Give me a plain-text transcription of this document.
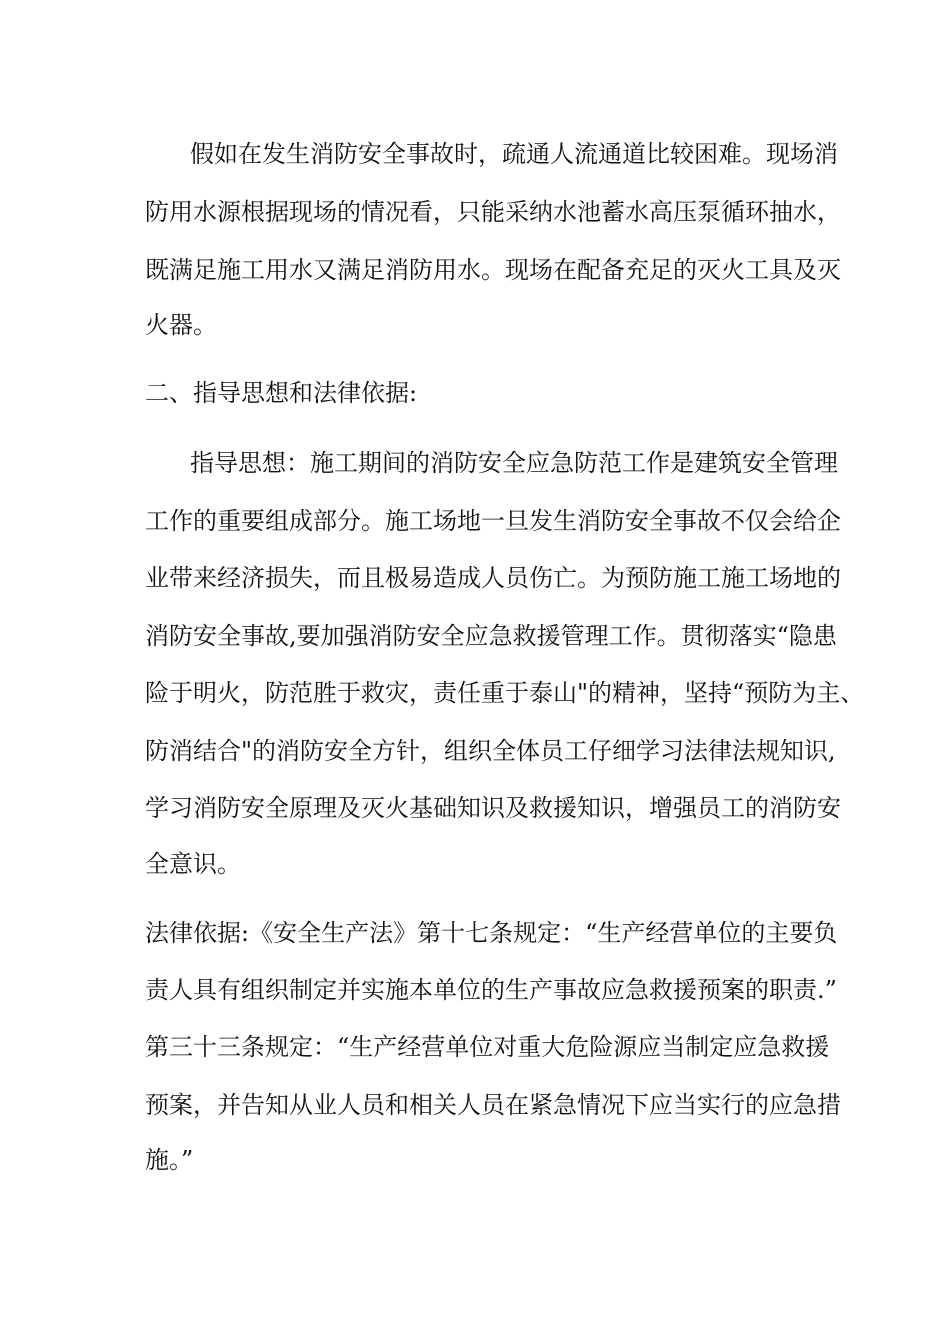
假如在发生消防安全事故时，疏通人流通道比较困难。现场消
防用水源根据现场的情况看，只能采纳水池蓄水高压泵循环抽水，
既满足施工用水又满足消防用水。现场在配备充足的灭火工具及灭
火器。
二、指导思想和法律依据:
指导思想：施工期间的消防安全应急防范工作是建筑安全管理
工作的重要组成部分。施工场地一旦发生消防安全事故不仅会给企
业带来经济损失，而且极易造成人员伤亡。为预防施工施工场地的
消防安全事故,要加强消防安全应急救援管理工作。贯彻落实“隐患
险于明火，防范胜于救灾，责任重于泰山"的精神，坚持“预防为主、
防消结合"的消防安全方针，组织全体员工仔细学习法律法规知识,
学习消防安全原理及灭火基础知识及救援知识，增强员工的消防安
全意识。
法律依据:《安全生产法》第十七条规定：“生产经营单位的主要负
责人具有组织制定并实施本单位的生产事故应急救援预案的职责.”
第三十三条规定：“生产经营单位对重大危险源应当制定应急救援
预案，并告知从业人员和相关人员在紧急情况下应当实行的应急措
施。”
